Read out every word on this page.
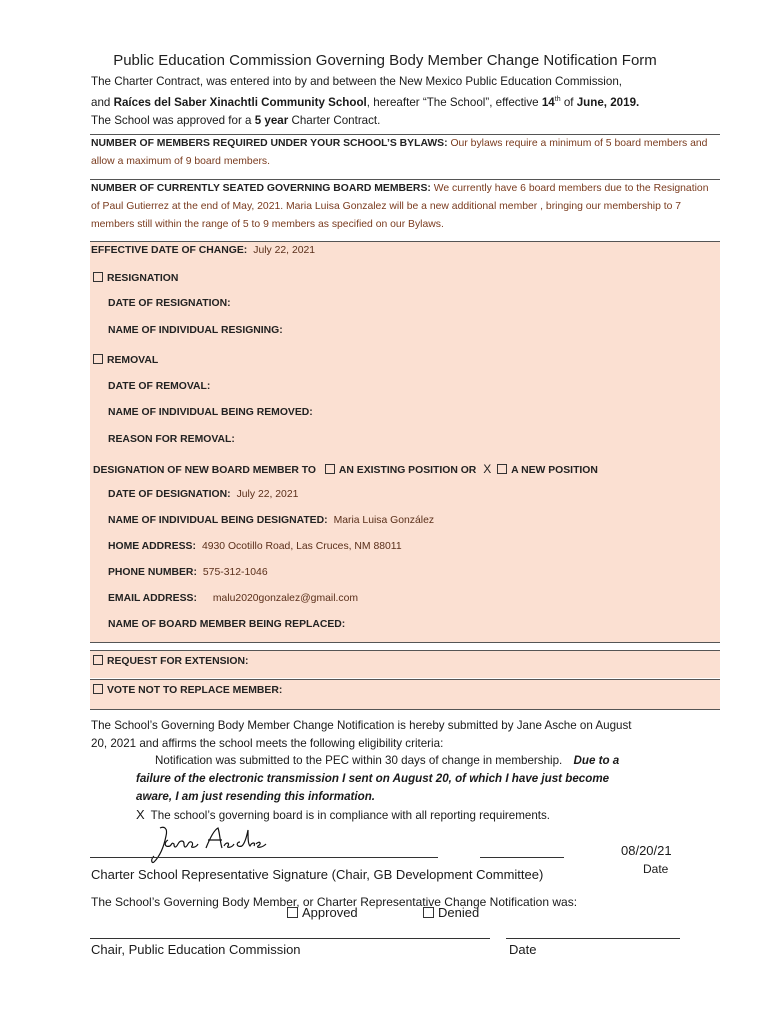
Public Education Commission Governing Body Member Change Notification Form
The Charter Contract, was entered into by and between the New Mexico Public Education Commission,
and Raíces del Saber Xinachtli Community School, hereafter “The School”, effective 14th of June, 2019.
The School was approved for a 5 year Charter Contract.
NUMBER OF MEMBERS REQUIRED UNDER YOUR SCHOOL’S BYLAWS: Our bylaws require a minimum of 5 board members and allow a maximum of 9 board members.
NUMBER OF CURRENTLY SEATED GOVERNING BOARD MEMBERS: We currently have 6 board members due to the Resignation of Paul Gutierrez at the end of May, 2021. Maria Luisa Gonzalez will be a new additional member , bringing our membership to 7 members still within the range of 5 to 9 members as specified on our Bylaws.
EFFECTIVE DATE OF CHANGE: July 22, 2021
RESIGNATION
DATE OF RESIGNATION:
NAME OF INDIVIDUAL RESIGNING:
REMOVAL
DATE OF REMOVAL:
NAME OF INDIVIDUAL BEING REMOVED:
REASON FOR REMOVAL:
DESIGNATION OF NEW BOARD MEMBER TO AN EXISTING POSITION OR X A NEW POSITION
DATE OF DESIGNATION: July 22, 2021
NAME OF INDIVIDUAL BEING DESIGNATED: Maria Luisa González
HOME ADDRESS: 4930 Ocotillo Road, Las Cruces, NM 88011
PHONE NUMBER: 575-312-1046
EMAIL ADDRESS: malu2020gonzalez@gmail.com
NAME OF BOARD MEMBER BEING REPLACED:
REQUEST FOR EXTENSION:
VOTE NOT TO REPLACE MEMBER:
The School’s Governing Body Member Change Notification is hereby submitted by Jane Asche on August
20, 2021 and affirms the school meets the following eligibility criteria:
Notification was submitted to the PEC within 30 days of change in membership. Due to a
failure of the electronic transmission I sent on August 20, of which I have just become
aware, I am just resending this information.
X The school’s governing board is in compliance with all reporting requirements.
08/20/21
Charter School Representative Signature (Chair, GB Development Committee)	Date
The School’s Governing Body Member, or Charter Representative Change Notification was:
Approved	Denied
Chair, Public Education Commission	Date
